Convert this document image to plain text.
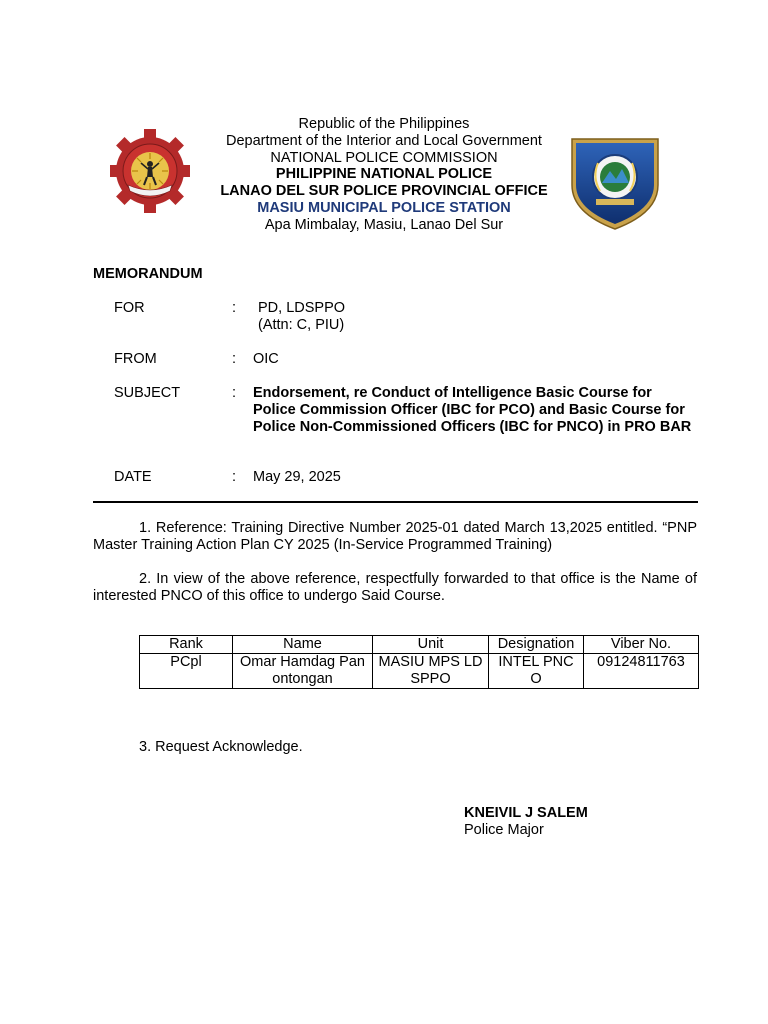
Republic of the Philippines
Department of the Interior and Local Government
NATIONAL POLICE COMMISSION
PHILIPPINE NATIONAL POLICE
LANAO DEL SUR POLICE PROVINCIAL OFFICE
MASIU MUNICIPAL POLICE STATION
Apa Mimbalay, Masiu, Lanao Del Sur
MEMORANDUM
FOR	: PD, LDSPPO
(Attn: C, PIU)
FROM	: OIC
SUBJECT	: Endorsement, re Conduct of Intelligence Basic Course for Police Commission Officer (IBC for PCO) and Basic Course for Police Non-Commissioned Officers (IBC for PNCO) in PRO BAR
DATE	: May 29, 2025
1. Reference: Training Directive Number 2025-01 dated March 13,2025 entitled. “PNP Master Training Action Plan CY 2025 (In-Service Programmed Training)
2. In view of the above reference, respectfully forwarded to that office is the Name of interested PNCO of this office to undergo Said Course.
Rank	Name	Unit	Designation	Viber No.
PCpl	Omar Hamdag Panontongan	MASIU MPS LDSPPO	INTEL PNCO	09124811763
3. Request Acknowledge.
KNEIVIL J SALEM
Police Major
